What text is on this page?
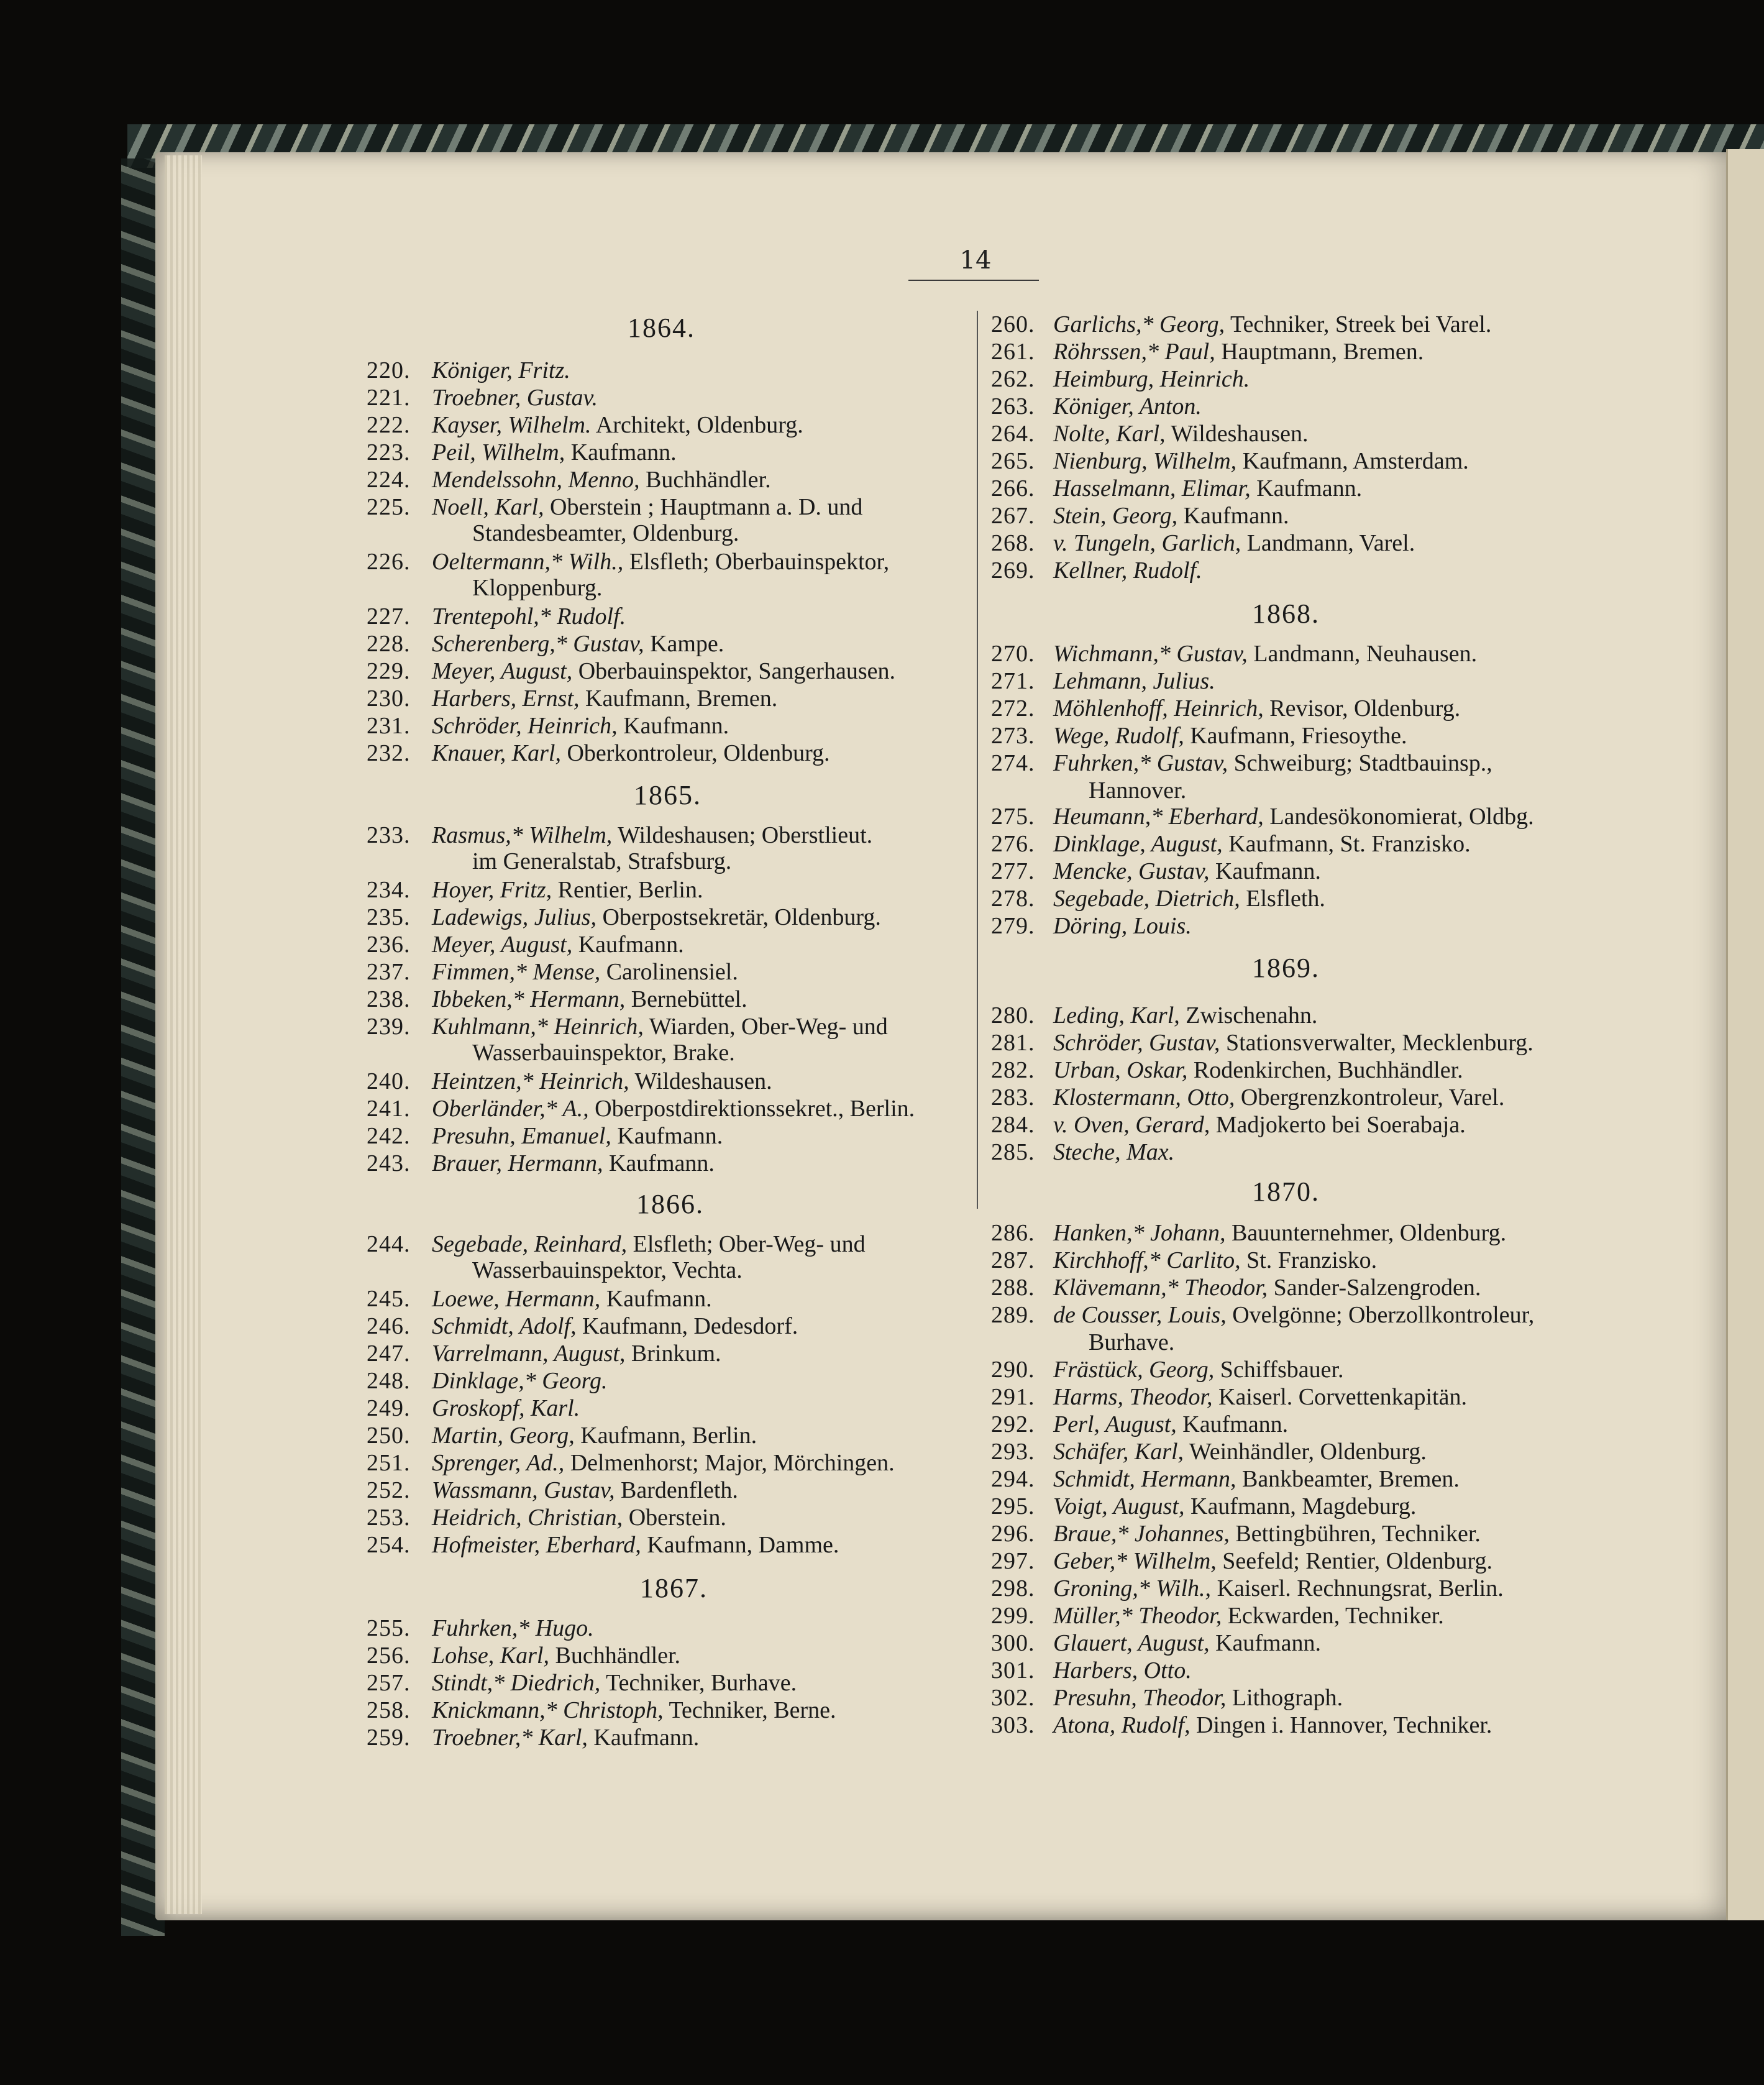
14
1864.
220. Königer, Fritz.
221. Troebner, Gustav.
222. Kayser, Wilhelm. Architekt, Oldenburg.
223. Peil, Wilhelm, Kaufmann.
224. Mendelssohn, Menno, Buchhändler.
225. Noell, Karl, Oberstein ; Hauptmann a. D. und
Standesbeamter, Oldenburg.
226. Oeltermann,* Wilh., Elsfleth; Oberbauinspektor,
Kloppenburg.
227. Trentepohl,* Rudolf.
228. Scherenberg,* Gustav, Kampe.
229. Meyer, August, Oberbauinspektor, Sangerhausen.
230. Harbers, Ernst, Kaufmann, Bremen.
231. Schröder, Heinrich, Kaufmann.
232. Knauer, Karl, Oberkontroleur, Oldenburg.
1865.
233. Rasmus,* Wilhelm, Wildeshausen; Oberstlieut.
im Generalstab, Strafsburg.
234. Hoyer, Fritz, Rentier, Berlin.
235. Ladewigs, Julius, Oberpostsekretär, Oldenburg.
236. Meyer, August, Kaufmann.
237. Fimmen,* Mense, Carolinensiel.
238. Ibbeken,* Hermann, Bernebüttel.
239. Kuhlmann,* Heinrich, Wiarden, Ober-Weg- und
Wasserbauinspektor, Brake.
240. Heintzen,* Heinrich, Wildeshausen.
241. Oberländer,* A., Oberpostdirektionssekret., Berlin.
242. Presuhn, Emanuel, Kaufmann.
243. Brauer, Hermann, Kaufmann.
1866.
244. Segebade, Reinhard, Elsfleth; Ober-Weg- und
Wasserbauinspektor, Vechta.
245. Loewe, Hermann, Kaufmann.
246. Schmidt, Adolf, Kaufmann, Dedesdorf.
247. Varrelmann, August, Brinkum.
248. Dinklage,* Georg.
249. Groskopf, Karl.
250. Martin, Georg, Kaufmann, Berlin.
251. Sprenger, Ad., Delmenhorst; Major, Mörchingen.
252. Wassmann, Gustav, Bardenfleth.
253. Heidrich, Christian, Oberstein.
254. Hofmeister, Eberhard, Kaufmann, Damme.
1867.
255. Fuhrken,* Hugo.
256. Lohse, Karl, Buchhändler.
257. Stindt,* Diedrich, Techniker, Burhave.
258. Knickmann,* Christoph, Techniker, Berne.
259. Troebner,* Karl, Kaufmann.
260. Garlichs,* Georg, Techniker, Streek bei Varel.
261. Röhrssen,* Paul, Hauptmann, Bremen.
262. Heimburg, Heinrich.
263. Königer, Anton.
264. Nolte, Karl, Wildeshausen.
265. Nienburg, Wilhelm, Kaufmann, Amsterdam.
266. Hasselmann, Elimar, Kaufmann.
267. Stein, Georg, Kaufmann.
268. v. Tungeln, Garlich, Landmann, Varel.
269. Kellner, Rudolf.
1868.
270. Wichmann,* Gustav, Landmann, Neuhausen.
271. Lehmann, Julius.
272. Möhlenhoff, Heinrich, Revisor, Oldenburg.
273. Wege, Rudolf, Kaufmann, Friesoythe.
274. Fuhrken,* Gustav, Schweiburg; Stadtbauinsp.,
Hannover.
275. Heumann,* Eberhard, Landesökonomierat, Oldbg.
276. Dinklage, August, Kaufmann, St. Franzisko.
277. Mencke, Gustav, Kaufmann.
278. Segebade, Dietrich, Elsfleth.
279. Döring, Louis.
1869.
280. Leding, Karl, Zwischenahn.
281. Schröder, Gustav, Stationsverwalter, Mecklenburg.
282. Urban, Oskar, Rodenkirchen, Buchhändler.
283. Klostermann, Otto, Obergrenzkontroleur, Varel.
284. v. Oven, Gerard, Madjokerto bei Soerabaja.
285. Steche, Max.
1870.
286. Hanken,* Johann, Bauunternehmer, Oldenburg.
287. Kirchhoff,* Carlito, St. Franzisko.
288. Klävemann,* Theodor, Sander-Salzengroden.
289. de Cousser, Louis, Ovelgönne; Oberzollkontroleur,
Burhave.
290. Frästück, Georg, Schiffsbauer.
291. Harms, Theodor, Kaiserl. Corvettenkapitän.
292. Perl, August, Kaufmann.
293. Schäfer, Karl, Weinhändler, Oldenburg.
294. Schmidt, Hermann, Bankbeamter, Bremen.
295. Voigt, August, Kaufmann, Magdeburg.
296. Braue,* Johannes, Bettingbühren, Techniker.
297. Geber,* Wilhelm, Seefeld; Rentier, Oldenburg.
298. Groning,* Wilh., Kaiserl. Rechnungsrat, Berlin.
299. Müller,* Theodor, Eckwarden, Techniker.
300. Glauert, August, Kaufmann.
301. Harbers, Otto.
302. Presuhn, Theodor, Lithograph.
303. Atona, Rudolf, Dingen i. Hannover, Techniker.
